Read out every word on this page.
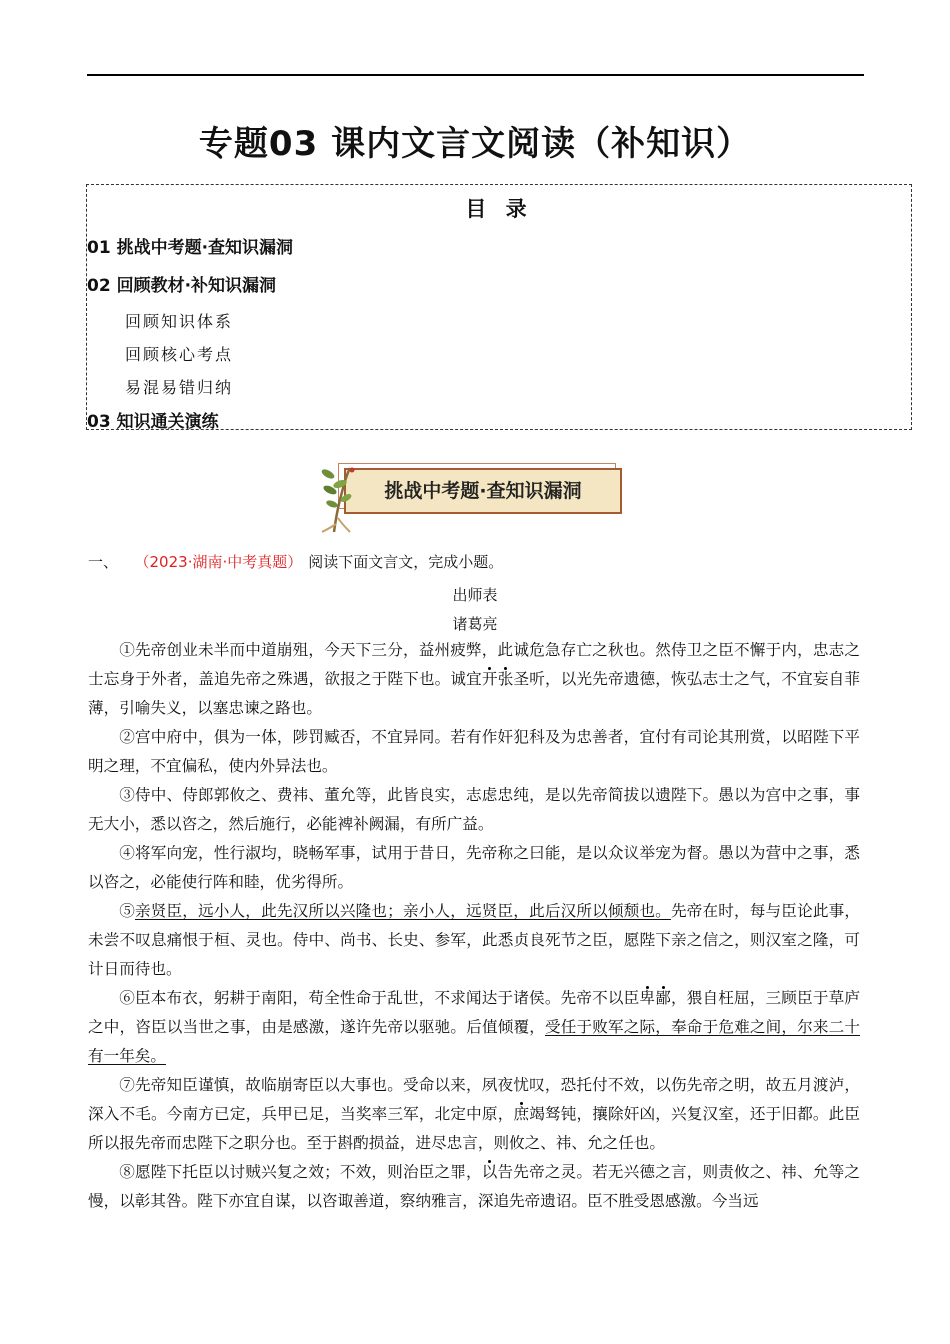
专题03 课内文言文阅读（补知识）
目 录
01 挑战中考题·查知识漏洞
02 回顾教材·补知识漏洞
回顾知识体系
回顾核心考点
易混易错归纳
03 知识通关演练
挑战中考题·查知识漏洞
一、 （2023·湖南·中考真题） 阅读下面文言文，完成小题。
出师表
诸葛亮

①先帝创业未半而中道崩殂，今天下三分，益州疲弊，此诚危急存亡之秋也。然侍卫之臣不懈于内，忠志之士忘身于外者，盖追先帝之殊遇，欲报之于陛下也。诚宜开张圣听，以光先帝遗德，恢弘志士之气，不宜妄自菲薄，引喻失义，以塞忠谏之路也。

②宫中府中，俱为一体，陟罚臧否，不宜异同。若有作奸犯科及为忠善者，宜付有司论其刑赏，以昭陛下平明之理，不宜偏私，使内外异法也。

③侍中、侍郎郭攸之、费祎、董允等，此皆良实，志虑忠纯，是以先帝简拔以遗陛下。愚以为宫中之事，事无大小，悉以咨之，然后施行，必能裨补阙漏，有所广益。

④将军向宠，性行淑均，晓畅军事，试用于昔日，先帝称之曰能，是以众议举宠为督。愚以为营中之事，悉以咨之，必能使行阵和睦，优劣得所。

⑤亲贤臣，远小人，此先汉所以兴隆也；亲小人，远贤臣，此后汉所以倾颓也。先帝在时，每与臣论此事，未尝不叹息痛恨于桓、灵也。侍中、尚书、长史、参军，此悉贞良死节之臣，愿陛下亲之信之，则汉室之隆，可计日而待也。

⑥臣本布衣，躬耕于南阳，苟全性命于乱世，不求闻达于诸侯。先帝不以臣卑鄙，猥自枉屈，三顾臣于草庐之中，咨臣以当世之事，由是感激，遂许先帝以驱驰。后值倾覆，受任于败军之际，奉命于危难之间，尔来二十有一年矣。

⑦先帝知臣谨慎，故临崩寄臣以大事也。受命以来，夙夜忧叹，恐托付不效，以伤先帝之明，故五月渡泸，深入不毛。今南方已定，兵甲已足，当奖率三军，北定中原，庶竭驽钝，攘除奸凶，兴复汉室，还于旧都。此臣所以报先帝而忠陛下之职分也。至于斟酌损益，进尽忠言，则攸之、祎、允之任也。

⑧愿陛下托臣以讨贼兴复之效；不效，则治臣之罪，以告先帝之灵。若无兴德之言，则责攸之、祎、允等之慢，以彰其咎。陛下亦宜自谋，以咨诹善道，察纳雅言，深追先帝遗诏。臣不胜受恩感激。今当远
